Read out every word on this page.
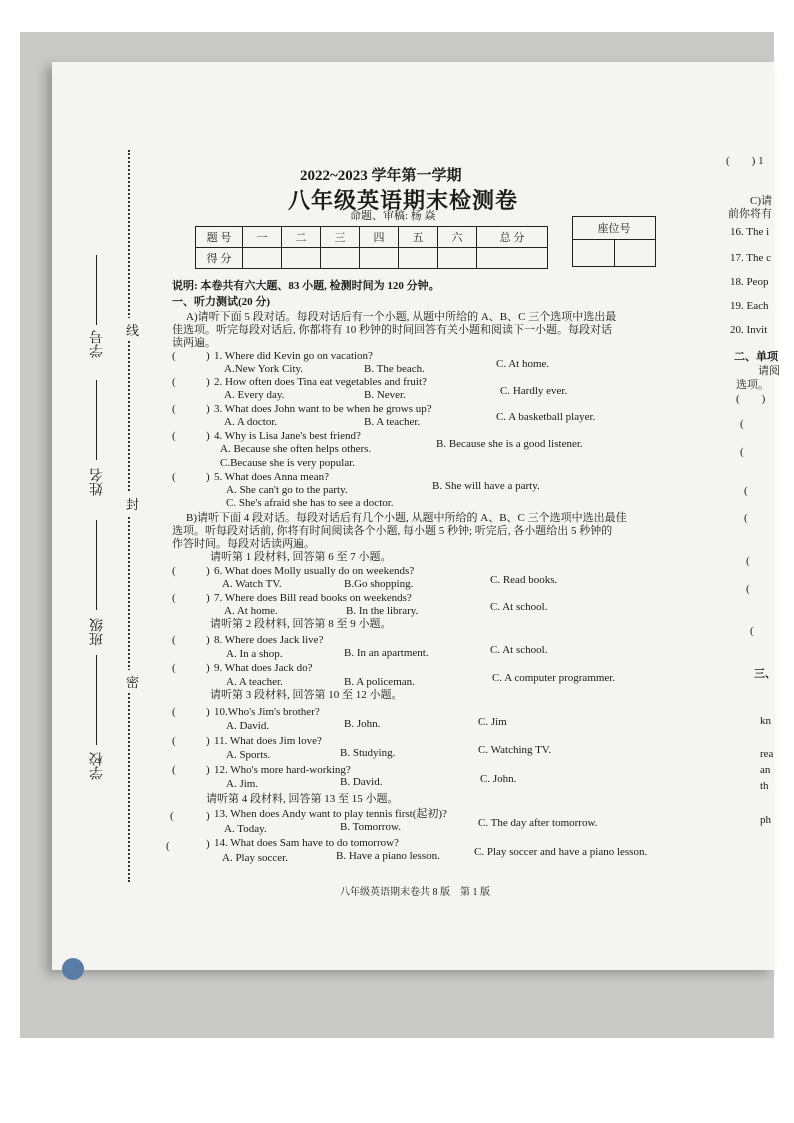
线
封
密
学号
姓名
班级
学校
2022~2023 学年第一学期
八年级英语期末检测卷
命题、审稿: 杨 焱
题 号	一	二	三	四	五	六	总 分
得 分							
座位号

说明: 本卷共有六大题、83 小题, 检测时间为 120 分钟。
一、听力测试(20 分)
A)请听下面 5 段对话。每段对话后有一个小题, 从题中所给的 A、B、C 三个选项中选出最
佳选项。听完每段对话后, 你都将有 10 秒钟的时间回答有关小题和阅读下一小题。每段对话
读两遍。
(	) 1. Where did Kevin go on vacation?
A.New York City.	B. The beach.	C. At home.
(	) 2. How often does Tina eat vegetables and fruit?
A. Every day.	B. Never.	C. Hardly ever.
(	) 3. What does John want to be when he grows up?
A. A doctor.	B. A teacher.	C. A basketball player.
(	) 4. Why is Lisa Jane's best friend?
A. Because she often helps others.	B. Because she is a good listener.
C.Because she is very popular.
(	) 5. What does Anna mean?
A. She can't go to the party.	B. She will have a party.
C. She's afraid she has to see a doctor.
B)请听下面 4 段对话。每段对话后有几个小题, 从题中所给的 A、B、C 三个选项中选出最佳
选项。听每段对话前, 你将有时间阅读各个小题, 每小题 5 秒钟; 听完后, 各小题给出 5 秒钟的
作答时间。每段对话读两遍。
请听第 1 段材料, 回答第 6 至 7 小题。
(	) 6. What does Molly usually do on weekends?
A. Watch TV.	B.Go shopping.	C. Read books.
(	) 7. Where does Bill read books on weekends?
A. At home.	B. In the library.	C. At school.
请听第 2 段材料, 回答第 8 至 9 小题。
(	) 8. Where does Jack live?
A. In a shop.	B. In an apartment.	C. At school.
(	) 9. What does Jack do?
A. A teacher.	B. A policeman.	C. A computer programmer.
请听第 3 段材料, 回答第 10 至 12 小题。
(	) 10.Who's Jim's brother?
A. David.	B. John.	C. Jim
(	) 11. What does Jim love?
A. Sports.	B. Studying.	C. Watching TV.
(	) 12. Who's more hard-working?
A. Jim.	B. David.	C. John.
请听第 4 段材料, 回答第 13 至 15 小题。
(	) 13. When does Andy want to play tennis first(起初)?
A. Today.	B. Tomorrow.	C. The day after tomorrow.
(	) 14. What does Sam have to do tomorrow?
A. Play soccer.	B. Have a piano lesson.	C. Play soccer and have a piano lesson.
八年级英语期末卷共 8 版　第 1 版
(　　) 1
C)请
前你将有
16. The i
17. The c
18. Peop
19. Each
20. Invit
二、单项
请阅
选项。
(　　)
(
(
(
(
(
(
(
三、
kn
rea
an
th
ph
